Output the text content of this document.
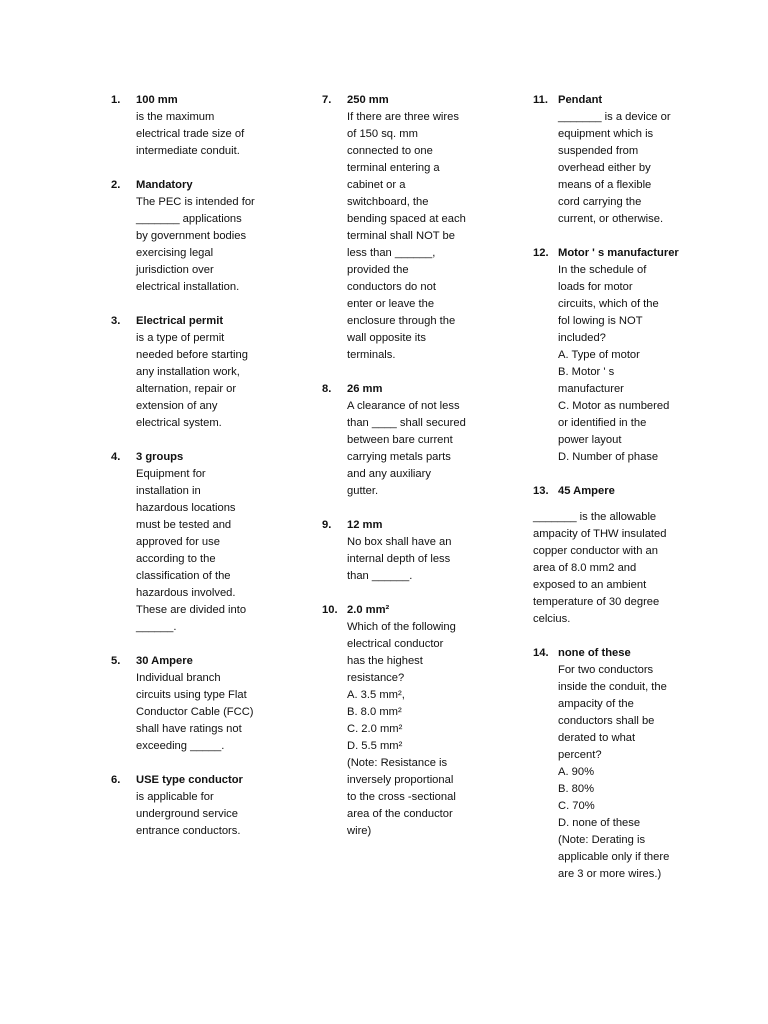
1. 100 mm
is the maximum
electrical trade size of
intermediate conduit.
2. Mandatory
The PEC is intended for
_______ applications
by government bodies
exercising legal
jurisdiction over
electrical installation.
3. Electrical permit
is a type of permit
needed before starting
any installation work,
alternation, repair or
extension of any
electrical system.
4. 3 groups
Equipment for
installation in
hazardous locations
must be tested and
approved for use
according to the
classification of the
hazardous involved.
These are divided into
______.
5. 30 Ampere
Individual branch
circuits using type Flat
Conductor Cable (FCC)
shall have ratings not
exceeding _____.
6. USE type conductor
is applicable for
underground service
entrance conductors.
7. 250 mm
If there are three wires
of 150 sq. mm
connected to one
terminal entering a
cabinet or a
switchboard, the
bending spaced at each
terminal shall NOT be
less than ______,
provided the
conductors do not
enter or leave the
enclosure through the
wall opposite its
terminals.
8. 26 mm
A clearance of not less
than ____ shall secured
between bare current
carrying metals parts
and any auxiliary
gutter.
9. 12 mm
No box shall have an
internal depth of less
than ______.
10. 2.0 mm²
Which of the following
electrical conductor
has the highest
resistance?
A. 3.5 mm²,
B. 8.0 mm²
C. 2.0 mm²
D. 5.5 mm²
(Note: Resistance is
inversely proportional
to the cross -sectional
area of the conductor
wire)
11. Pendant
_______ is a device or
equipment which is
suspended from
overhead either by
means of a flexible
cord carrying the
current, or otherwise.
12. Motor ' s manufacturer
In the schedule of
loads for motor
circuits, which of the
fol lowing is NOT
included?
A. Type of motor
B. Motor ' s
manufacturer
C. Motor as numbered
or identified in the
power layout
D. Number of phase
13. 45 Ampere
_______ is the allowable
ampacity of THW insulated
copper conductor with an
area of 8.0 mm2 and
exposed to an ambient
temperature of 30 degree
celcius.
14. none of these
For two conductors
inside the conduit, the
ampacity of the
conductors shall be
derated to what
percent?
A. 90%
B. 80%
C. 70%
D. none of these
(Note: Derating is
applicable only if there
are 3 or more wires.)
